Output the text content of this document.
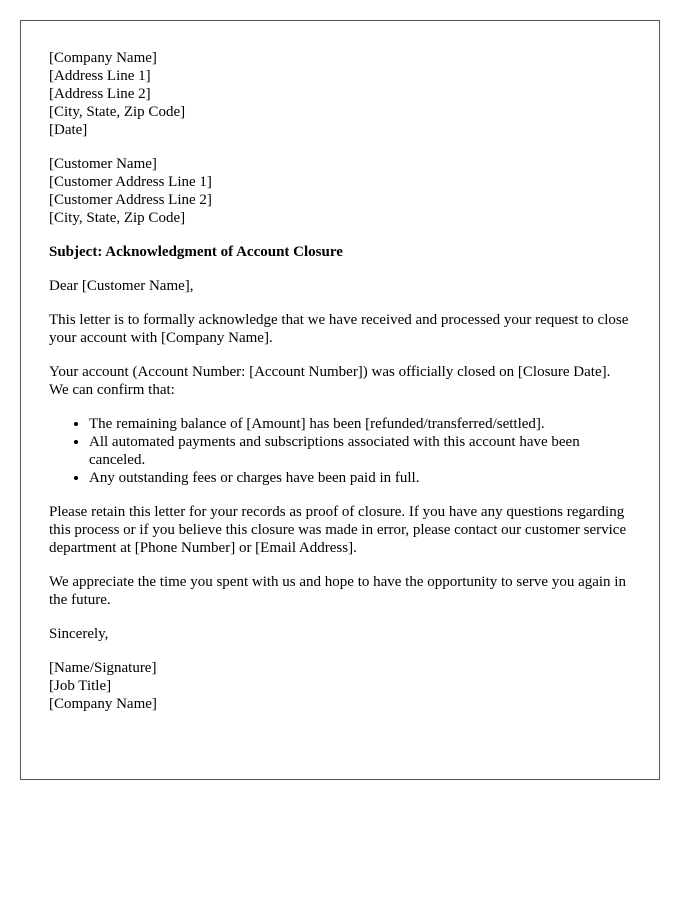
[Company Name]
[Address Line 1]
[Address Line 2]
[City, State, Zip Code]
[Date]
[Customer Name]
[Customer Address Line 1]
[Customer Address Line 2]
[City, State, Zip Code]

Subject: Acknowledgment of Account Closure

Dear [Customer Name],

This letter is to formally acknowledge that we have received and processed your request to close your account with [Company Name].

Your account (Account Number: [Account Number]) was officially closed on [Closure Date]. We can confirm that:

• The remaining balance of [Amount] has been [refunded/transferred/settled].
• All automated payments and subscriptions associated with this account have been canceled.
• Any outstanding fees or charges have been paid in full.

Please retain this letter for your records as proof of closure. If you have any questions regarding this process or if you believe this closure was made in error, please contact our customer service department at [Phone Number] or [Email Address].

We appreciate the time you spent with us and hope to have the opportunity to serve you again in the future.

Sincerely,

[Name/Signature]
[Job Title]
[Company Name]
